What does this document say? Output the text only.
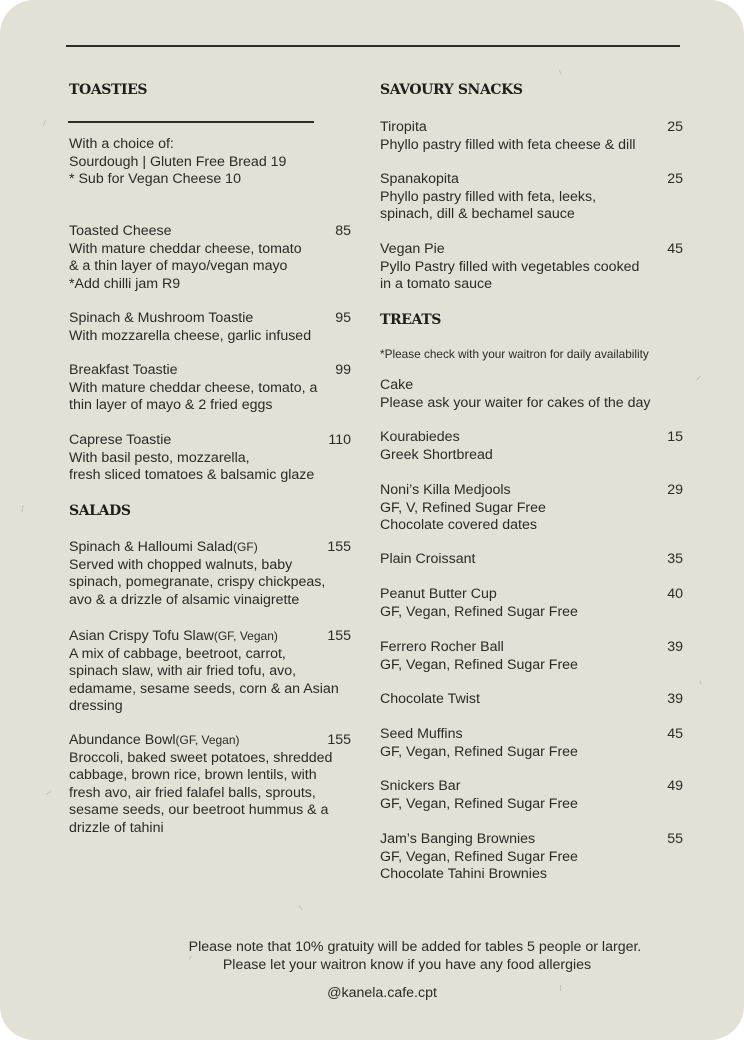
TOASTIES
With a choice of:
Sourdough | Gluten Free Bread 19
* Sub for Vegan Cheese 10
Toasted Cheese	85
With mature cheddar cheese, tomato
& a thin layer of mayo/vegan mayo
*Add chilli jam R9
Spinach & Mushroom Toastie	95
With mozzarella cheese, garlic infused
Breakfast Toastie	99
With mature cheddar cheese, tomato, a
thin layer of mayo & 2 fried eggs
Caprese Toastie	110
With basil pesto, mozzarella,
fresh sliced tomatoes & balsamic glaze
SALADS
Spinach & Halloumi Salad(GF)	155
Served with chopped walnuts, baby
spinach, pomegranate, crispy chickpeas,
avo & a drizzle of alsamic vinaigrette
Asian Crispy Tofu Slaw(GF, Vegan)	155
A mix of cabbage, beetroot, carrot,
spinach slaw, with air fried tofu, avo,
edamame, sesame seeds, corn & an Asian
dressing
Abundance Bowl(GF, Vegan)	155
Broccoli, baked sweet potatoes, shredded
cabbage, brown rice, brown lentils, with
fresh avo, air fried falafel balls, sprouts,
sesame seeds, our beetroot hummus & a
drizzle of tahini
SAVOURY SNACKS
Tiropita	25
Phyllo pastry filled with feta cheese & dill
Spanakopita	25
Phyllo pastry filled with feta, leeks,
spinach, dill & bechamel sauce
Vegan Pie	45
Pyllo Pastry filled with vegetables cooked
in a tomato sauce
TREATS
*Please check with your waitron for daily availability
Cake
Please ask your waiter for cakes of the day
Kourabiedes	15
Greek Shortbread
Noni’s Killa Medjools	29
GF, V, Refined Sugar Free
Chocolate covered dates
Plain Croissant	35
Peanut Butter Cup	40
GF, Vegan, Refined Sugar Free
Ferrero Rocher Ball	39
GF, Vegan, Refined Sugar Free
Chocolate Twist	39
Seed Muffins	45
GF, Vegan, Refined Sugar Free
Snickers Bar	49
GF, Vegan, Refined Sugar Free
Jam’s Banging Brownies	55
GF, Vegan, Refined Sugar Free
Chocolate Tahini Brownies
Please note that 10% gratuity will be added for tables 5 people or larger.
Please let your waitron know if you have any food allergies
@kanela.cafe.cpt
